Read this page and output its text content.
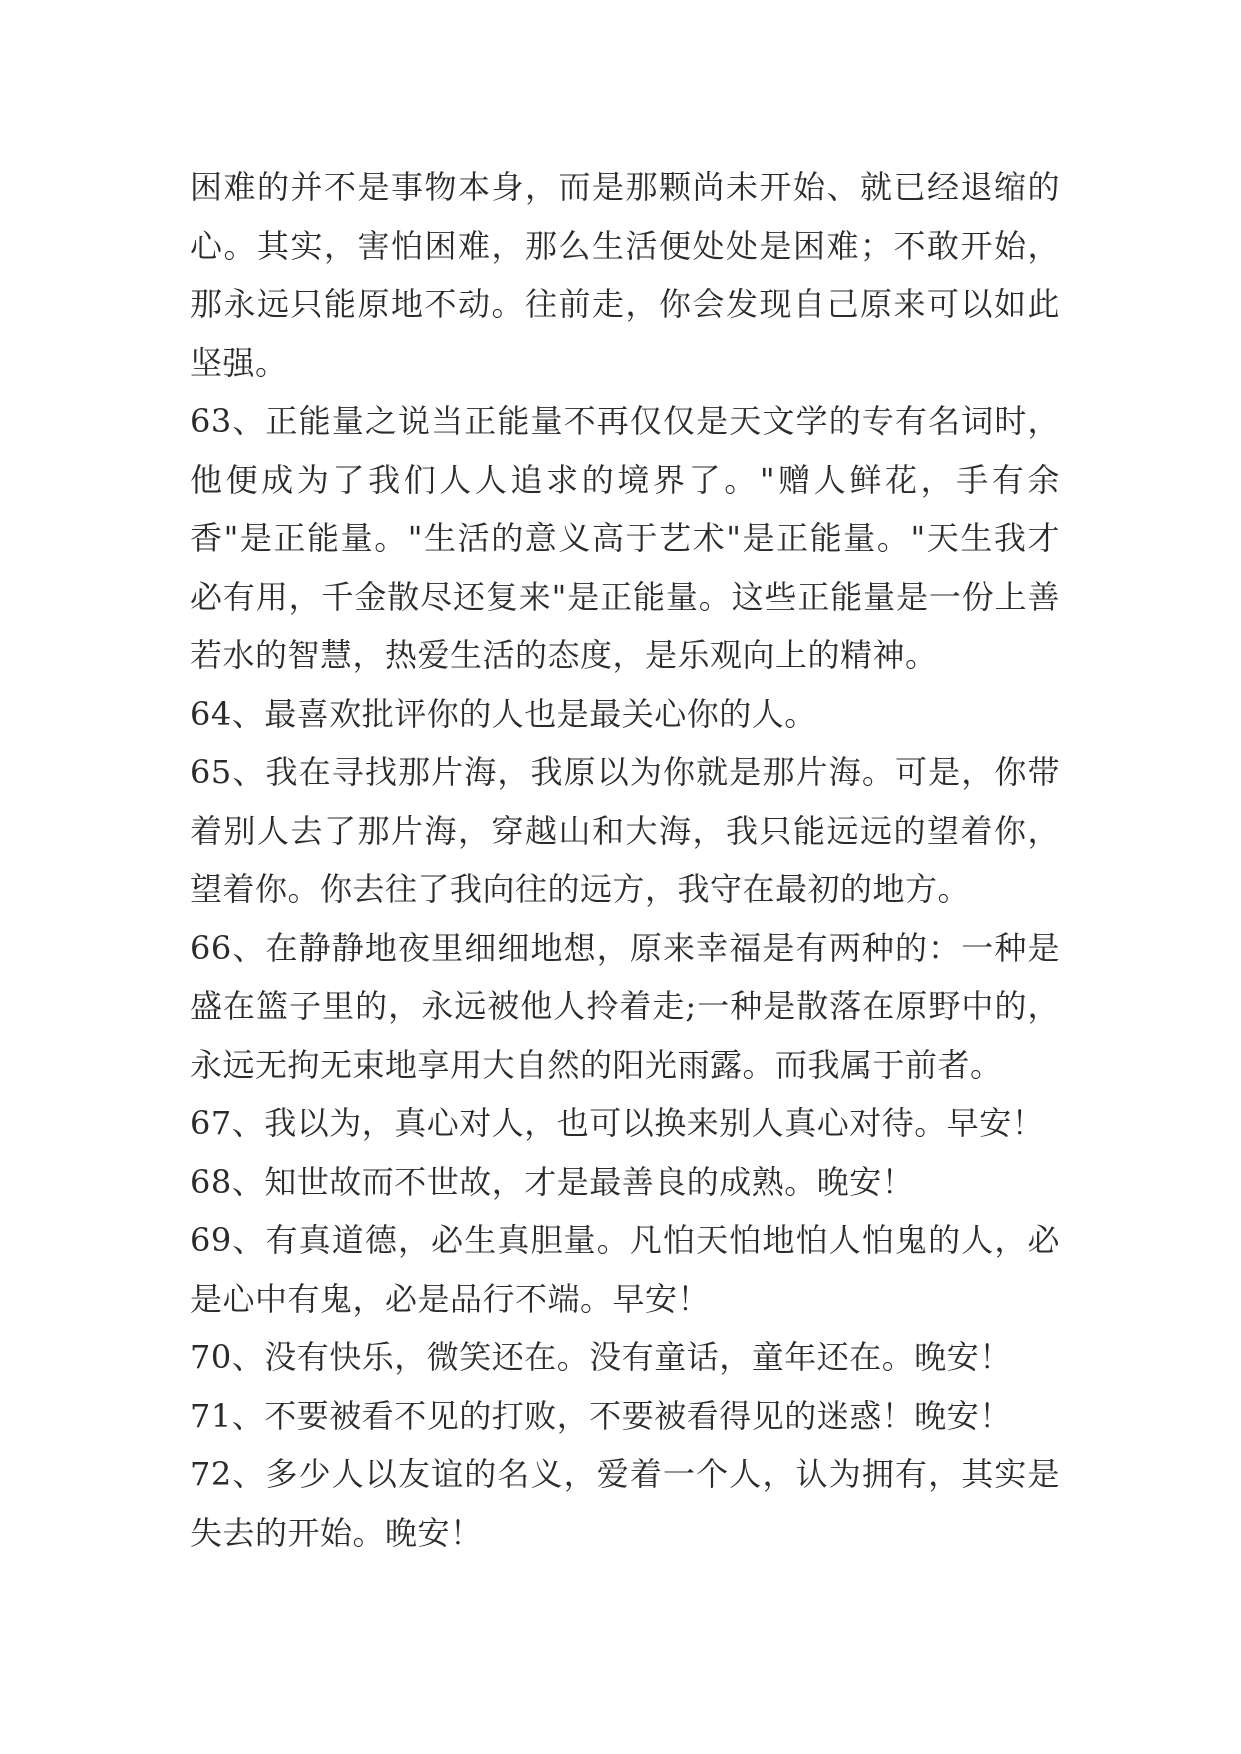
困难的并不是事物本身，而是那颗尚未开始、就已经退缩的心。其实，害怕困难，那么生活便处处是困难；不敢开始，那永远只能原地不动。往前走，你会发现自己原来可以如此坚强。

63、正能量之说当正能量不再仅仅是天文学的专有名词时，他便成为了我们人人追求的境界了。"赠人鲜花，手有余香"是正能量。"生活的意义高于艺术"是正能量。"天生我才必有用，千金散尽还复来"是正能量。这些正能量是一份上善若水的智慧，热爱生活的态度，是乐观向上的精神。

64、最喜欢批评你的人也是最关心你的人。

65、我在寻找那片海，我原以为你就是那片海。可是，你带着别人去了那片海，穿越山和大海，我只能远远的望着你，望着你。你去往了我向往的远方，我守在最初的地方。

66、在静静地夜里细细地想，原来幸福是有两种的：一种是盛在篮子里的，永远被他人拎着走;一种是散落在原野中的，永远无拘无束地享用大自然的阳光雨露。而我属于前者。

67、我以为，真心对人，也可以换来别人真心对待。早安！

68、知世故而不世故，才是最善良的成熟。晚安！

69、有真道德，必生真胆量。凡怕天怕地怕人怕鬼的人，必是心中有鬼，必是品行不端。早安！

70、没有快乐，微笑还在。没有童话，童年还在。晚安！

71、不要被看不见的打败，不要被看得见的迷惑！晚安！

72、多少人以友谊的名义，爱着一个人，认为拥有，其实是失去的开始。晚安！
